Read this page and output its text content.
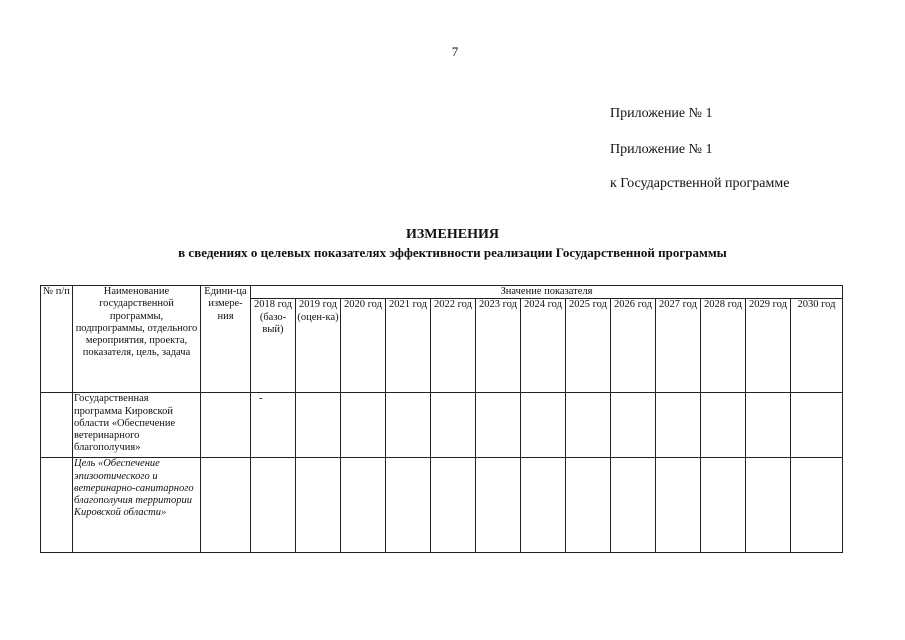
7
Приложение № 1
Приложение № 1
к Государственной программе
ИЗМЕНЕНИЯ
в сведениях о целевых показателях эффективности реализации Государственной программы
№ п/п	Наименование государственной программы, подпрограммы, отдельного мероприятия, проекта, показателя, цель, задача	Едини-ца измере-ния	Значение показателя												
			2018 год (базо-вый)	2019 год (оцен-ка)	2020 год	2021 год	2022 год	2023 год	2024 год	2025 год	2026 год	2027 год	2028 год	2029 год	2030 год
	Государственная программа Кировской области «Обеспечение ветеринарного благополучия»		-												
	Цель «Обеспечение эпизоотического и ветеринарно-санитарного благополучия территории Кировской области»														
